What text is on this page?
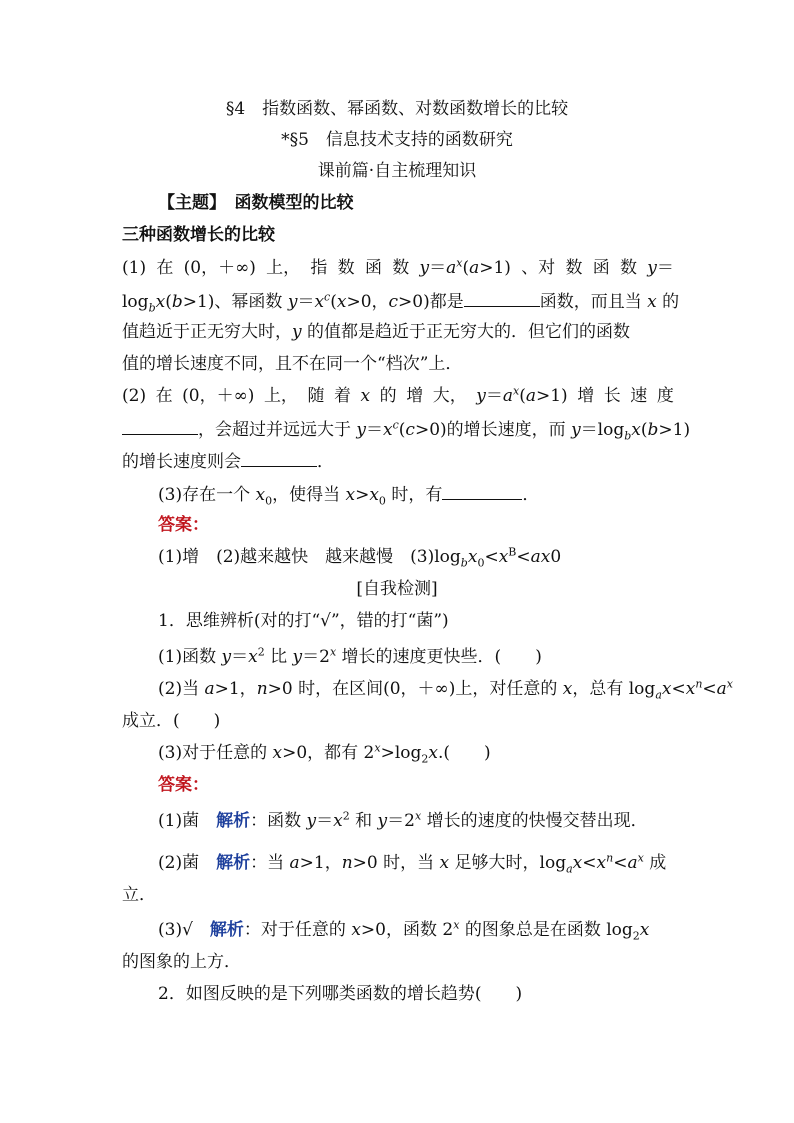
§4　指数函数、幂函数、对数函数增长的比较
*§5　信息技术支持的函数研究
课前篇·自主梳理知识
【主题】　 函数模型的比较
三种函数增长的比较
(1) 在 (0，＋∞) 上， 指 数 函 数 $y=a^x(a>1)$ 、对 数 函 数 y＝
$\log_bx(b>1)$、幂函数 $y=x^c(x>0$，c>0)都是	函数，而且当 x 的
值趋近于正无穷大时，y 的值都是趋近于正无穷大的．但它们的函数
值的增长速度不同，且不在同一个“档次”上．
(2) 在 (0，＋∞) 上， 随 着 x 的 增 大， $y=a^x(a>1)$ 增 长 速 度
，会超过并远远大于 $y=x^c(c>0)$的增长速度，而 $y=\log_bx(b>1)$
的增长速度则会	．
(3)存在一个 $x_0$，使得当 $x>x_0$ 时，有	．
答案：
(1)增　(2)越来越快　越来越慢　$(3)\log_bx_0<x^B<ax0$
[自我检测]
1．思维辨析(对的打“√”，错的打“菌”)
(1)函数 $y=x^2$ 比 $y=2^x$ 增长的速度更快些．(　　)
(2)当 a>1，n>0 时，在区间(0，＋∞)上，对任意的 x，总有 $\log_ax<x^n<a^x$
成立．(　　)
(3)对于任意的 x>0，都有 $2^x>\log_2x$.(　　)
答案：
(1)菌　解析：函数 $y=x^2$ 和 $y=2^x$ 增长的速度的快慢交替出现．
(2)菌　解析：当 a>1，n>0 时，当 x 足够大时，$\log_ax<x^n<a^x$ 成
立．
(3)√　解析：对于任意的 x>0，函数 2$^x$ 的图象总是在函数 $\log_2x$
的图象的上方．
2．如图反映的是下列哪类函数的增长趋势(　　)
